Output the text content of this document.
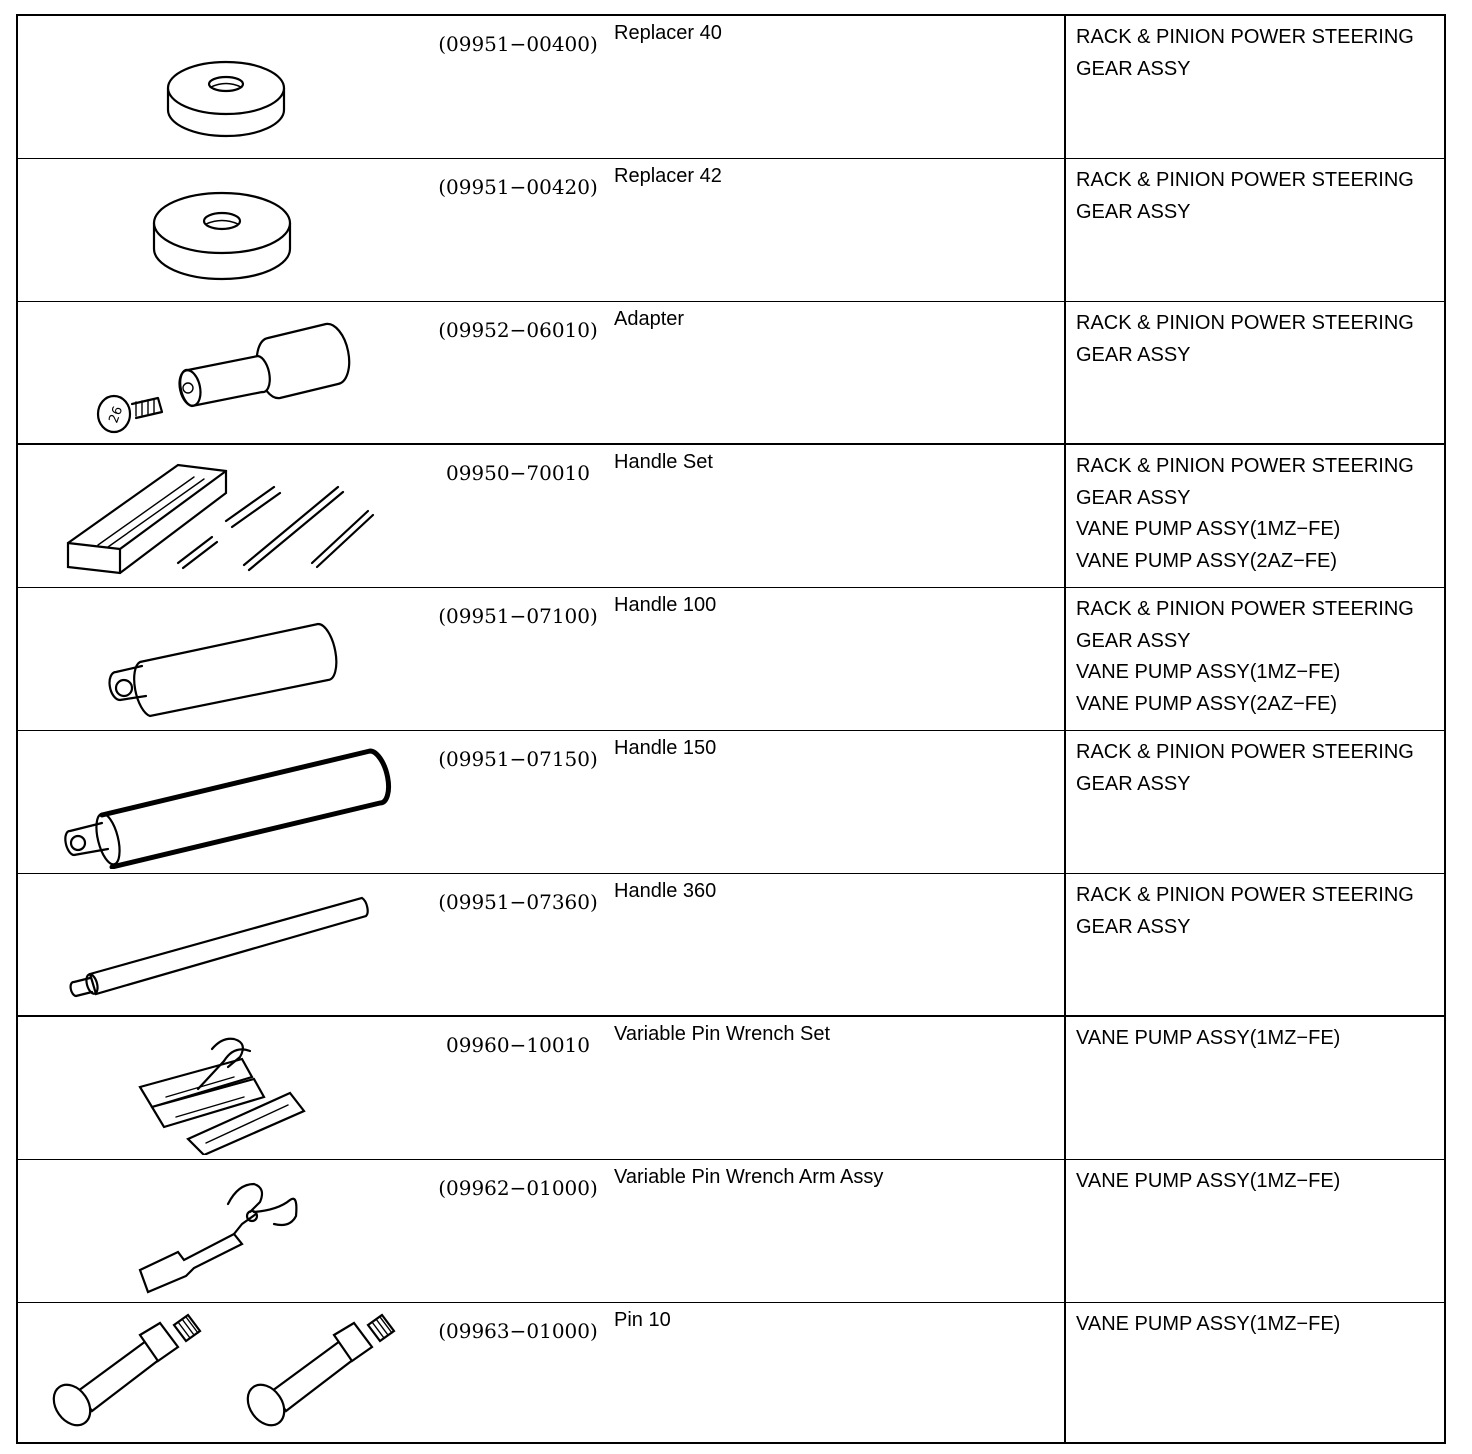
(09951−00400) Replacer 40	RACK & PINION POWER STEERING
GEAR ASSY
(09951−00420) Replacer 42	RACK & PINION POWER STEERING
GEAR ASSY
26
(09952−06010) Adapter	RACK & PINION POWER STEERING
GEAR ASSY
09950−70010	Handle Set	RACK & PINION POWER STEERING
GEAR ASSY
VANE PUMP ASSY(1MZ−FE)
VANE PUMP ASSY(2AZ−FE)
(09951−07100) Handle 100	RACK & PINION POWER STEERING
GEAR ASSY
VANE PUMP ASSY(1MZ−FE)
VANE PUMP ASSY(2AZ−FE)
(09951−07150) Handle 150	RACK & PINION POWER STEERING
GEAR ASSY
(09951−07360) Handle 360	RACK & PINION POWER STEERING
GEAR ASSY
09960−10010	Variable Pin Wrench Set	VANE PUMP ASSY(1MZ−FE)
(09962−01000) Variable Pin Wrench Arm Assy	VANE PUMP ASSY(1MZ−FE)
(09963−01000) Pin 10	VANE PUMP ASSY(1MZ−FE)
